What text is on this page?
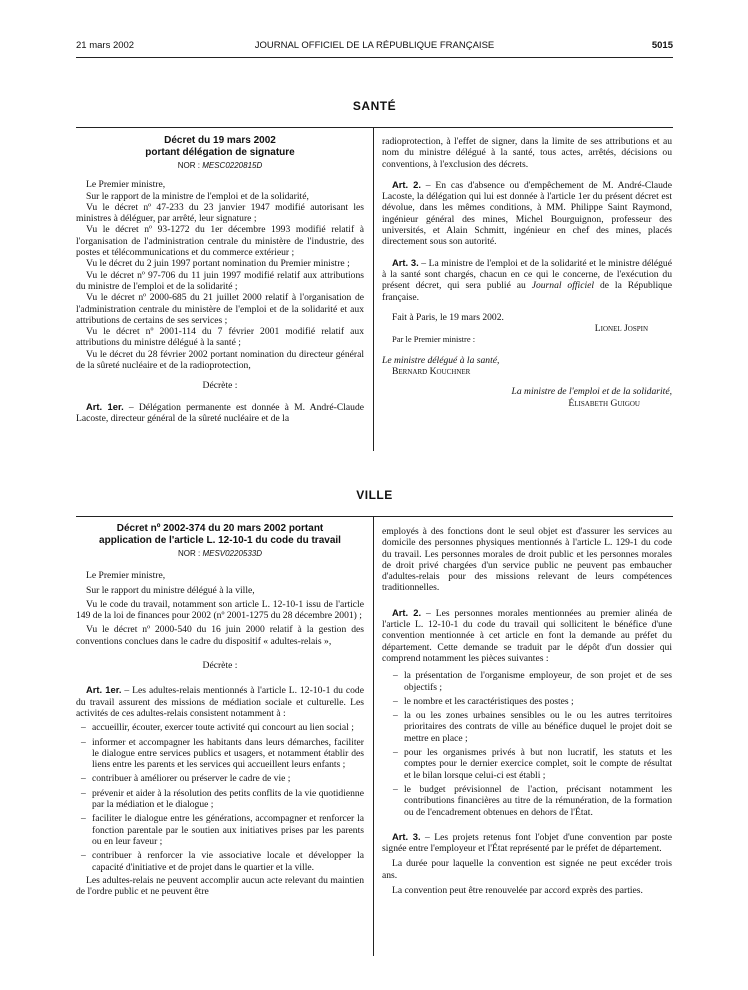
21 mars 2002	JOURNAL OFFICIEL DE LA RÉPUBLIQUE FRANÇAISE	5015
SANTÉ
Décret du 19 mars 2002
portant délégation de signature
NOR : MESC0220815D

Le Premier ministre,

Sur le rapport de la ministre de l'emploi et de la solidarité,

Vu le décret nº 47-233 du 23 janvier 1947 modifié autorisant les ministres à déléguer, par arrêté, leur signature ;

Vu le décret nº 93-1272 du 1er décembre 1993 modifié relatif à l'organisation de l'administration centrale du ministère de l'industrie, des postes et télécommunications et du commerce extérieur ;

Vu le décret du 2 juin 1997 portant nomination du Premier ministre ;

Vu le décret nº 97-706 du 11 juin 1997 modifié relatif aux attributions du ministre de l'emploi et de la solidarité ;

Vu le décret nº 2000-685 du 21 juillet 2000 relatif à l'organisation de l'administration centrale du ministère de l'emploi et de la solidarité et aux attributions de certains de ses services ;

Vu le décret nº 2001-114 du 7 février 2001 modifié relatif aux attributions du ministre délégué à la santé ;

Vu le décret du 28 février 2002 portant nomination du directeur général de la sûreté nucléaire et de la radioprotection,

Décrète :

Art. 1er. – Délégation permanente est donnée à M. André-Claude Lacoste, directeur général de la sûreté nucléaire et de la

radioprotection, à l'effet de signer, dans la limite de ses attributions et au nom du ministre délégué à la santé, tous actes, arrêtés, décisions ou conventions, à l'exclusion des décrets.

Art. 2. – En cas d'absence ou d'empêchement de M. André-Claude Lacoste, la délégation qui lui est donnée à l'article 1er du présent décret est dévolue, dans les mêmes conditions, à MM. Philippe Saint Raymond, ingénieur général des mines, Michel Bourguignon, professeur des universités, et Alain Schmitt, ingénieur en chef des mines, placés directement sous son autorité.

Art. 3. – La ministre de l'emploi et de la solidarité et le ministre délégué à la santé sont chargés, chacun en ce qui le concerne, de l'exécution du présent décret, qui sera publié au Journal officiel de la République française.

Fait à Paris, le 19 mars 2002.

Lionel Jospin

Par le Premier ministre :

Le ministre délégué à la santé,

Bernard Kouchner

La ministre de l'emploi et de la solidarité,

Élisabeth Guigou

VILLE
Décret nº 2002-374 du 20 mars 2002 portant
application de l'article L. 12-10-1 du code du travail
NOR : MESV0220533D

Le Premier ministre,

Sur le rapport du ministre délégué à la ville,

Vu le code du travail, notamment son article L. 12-10-1 issu de l'article 149 de la loi de finances pour 2002 (nº 2001-1275 du 28 décembre 2001) ;

Vu le décret nº 2000-540 du 16 juin 2000 relatif à la gestion des conventions conclues dans le cadre du dispositif « adultes-relais »,

Décrète :

Art. 1er. – Les adultes-relais mentionnés à l'article L. 12-10-1 du code du travail assurent des missions de médiation sociale et culturelle. Les activités de ces adultes-relais consistent notamment à :

– accueillir, écouter, exercer toute activité qui concourt au lien social ;

– informer et accompagner les habitants dans leurs démarches, faciliter le dialogue entre services publics et usagers, et notamment établir des liens entre les parents et les services qui accueillent leurs enfants ;

– contribuer à améliorer ou préserver le cadre de vie ;

– prévenir et aider à la résolution des petits conflits de la vie quotidienne par la médiation et le dialogue ;

– faciliter le dialogue entre les générations, accompagner et renforcer la fonction parentale par le soutien aux initiatives prises par les parents ou en leur faveur ;

– contribuer à renforcer la vie associative locale et développer la capacité d'initiative et de projet dans le quartier et la ville.

Les adultes-relais ne peuvent accomplir aucun acte relevant du maintien de l'ordre public et ne peuvent être

employés à des fonctions dont le seul objet est d'assurer les services au domicile des personnes physiques mentionnés à l'article L. 129-1 du code du travail. Les personnes morales de droit public et les personnes morales de droit privé chargées d'un service public ne peuvent pas embaucher d'adultes-relais pour des missions relevant de leurs compétences traditionnelles.

Art. 2. – Les personnes morales mentionnées au premier alinéa de l'article L. 12-10-1 du code du travail qui sollicitent le bénéfice d'une convention mentionnée à cet article en font la demande au préfet du département. Cette demande se traduit par le dépôt d'un dossier qui comprend notamment les pièces suivantes :

– la présentation de l'organisme employeur, de son projet et de ses objectifs ;

– le nombre et les caractéristiques des postes ;

– la ou les zones urbaines sensibles ou le ou les autres territoires prioritaires des contrats de ville au bénéfice duquel le projet doit se mettre en place ;

– pour les organismes privés à but non lucratif, les statuts et les comptes pour le dernier exercice complet, soit le compte de résultat et le bilan lorsque celui-ci est établi ;

– le budget prévisionnel de l'action, précisant notamment les contributions financières au titre de la rémunération, de la formation ou de l'encadrement obtenues en dehors de l'État.

Art. 3. – Les projets retenus font l'objet d'une convention par poste signée entre l'employeur et l'État représenté par le préfet de département.

La durée pour laquelle la convention est signée ne peut excéder trois ans.

La convention peut être renouvelée par accord exprès des parties.
